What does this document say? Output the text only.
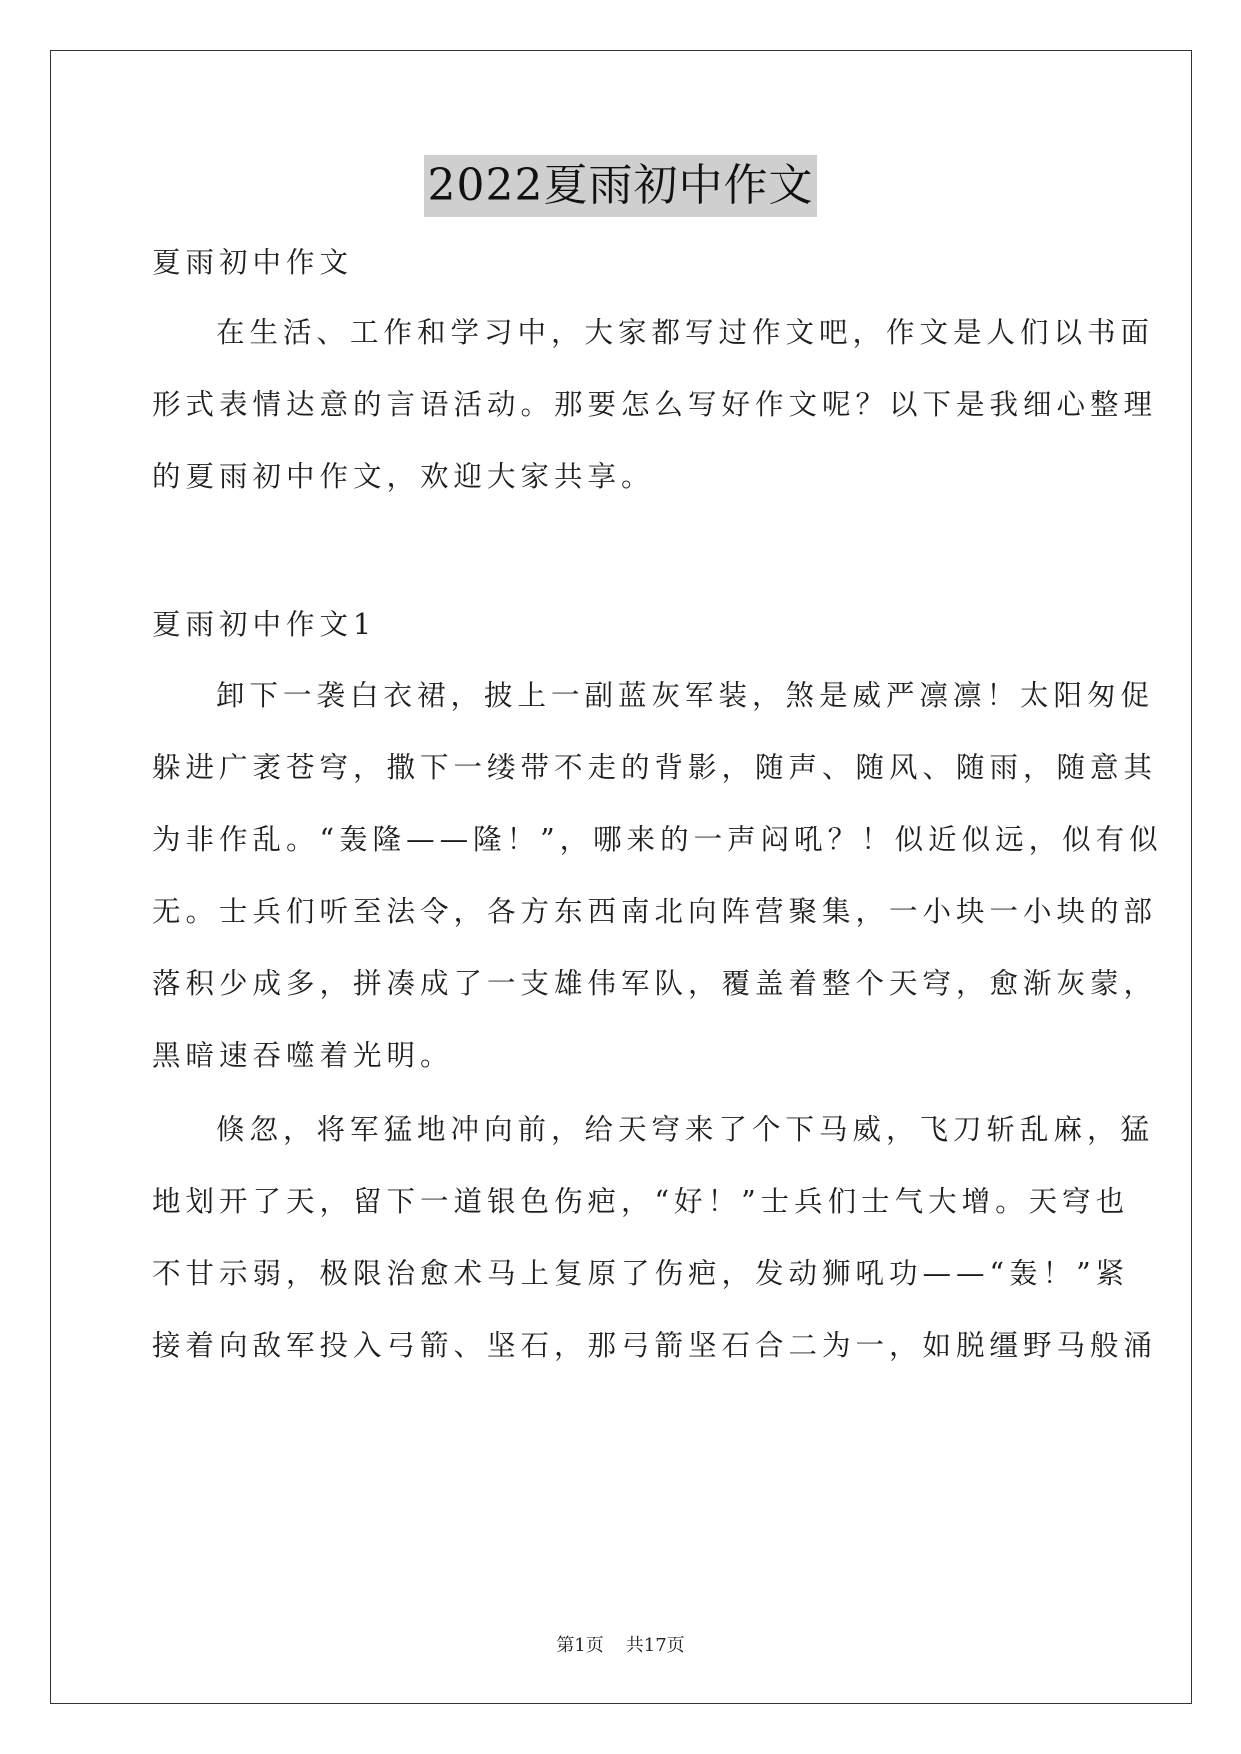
2022夏雨初中作文
夏雨初中作文
在生活、工作和学习中，大家都写过作文吧，作文是人们以书面
形式表情达意的言语活动。那要怎么写好作文呢？以下是我细心整理
的夏雨初中作文，欢迎大家共享。
夏雨初中作文1
卸下一袭白衣裙，披上一副蓝灰军装，煞是威严凛凛！太阳匆促
躲进广袤苍穹，撒下一缕带不走的背影，随声、随风、随雨，随意其
为非作乱。“轰隆——隆！”，哪来的一声闷吼？！似近似远，似有似
无。士兵们听至法令，各方东西南北向阵营聚集，一小块一小块的部
落积少成多，拼凑成了一支雄伟军队，覆盖着整个天穹，愈渐灰蒙，
黑暗速吞噬着光明。
倏忽，将军猛地冲向前，给天穹来了个下马威，飞刀斩乱麻，猛
地划开了天，留下一道银色伤疤，“好！”士兵们士气大增。天穹也
不甘示弱，极限治愈术马上复原了伤疤，发动狮吼功——“轰！”紧
接着向敌军投入弓箭、坚石，那弓箭坚石合二为一，如脱缰野马般涌
第1页 共17页
